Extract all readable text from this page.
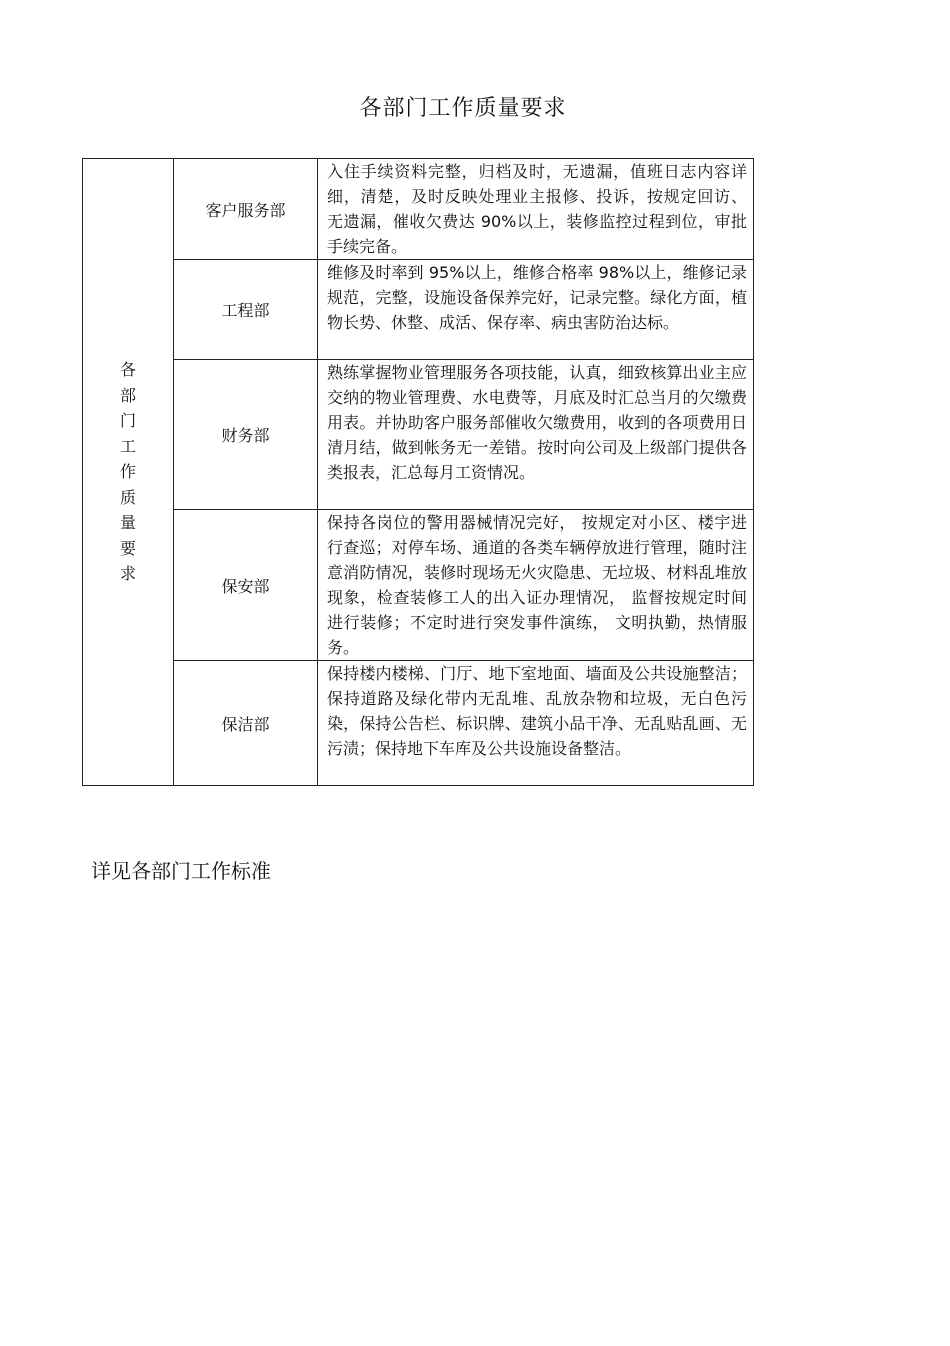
各部门工作质量要求
各部门工作质量要求	客户服务部	入住手续资料完整，归档及时，无遗漏，值班日志内容详细，清楚，及时反映处理业主报修、投诉，按规定回访、 无遗漏，催收欠费达 90%以上，装修监控过程到位，审批手续完备。
	工程部	维修及时率到 95%以上，维修合格率 98%以上，维修记录规范，完整，设施设备保养完好，记录完整。绿化方面，植物长势、休整、成活、保存率、病虫害防治达标。
	财务部	熟练掌握物业管理服务各项技能，认真，细致核算出业主应交纳的物业管理费、水电费等，月底及时汇总当月的欠缴费用表。并协助客户服务部催收欠缴费用，收到的各项费用日清月结，做到帐务无一差错。按时向公司及上级部门提供各类报表，汇总每月工资情况。
	保安部	保持各岗位的警用器械情况完好， 按规定对小区、楼宇进行查巡；对停车场、通道的各类车辆停放进行管理，随时注意消防情况，装修时现场无火灾隐患、无垃圾、材料乱堆放现象，检查装修工人的出入证办理情况， 监督按规定时间进行装修；不定时进行突发事件演练， 文明执勤，热情服务。
	保洁部	保持楼内楼梯、门厅、地下室地面、墙面及公共设施整洁；保持道路及绿化带内无乱堆、乱放杂物和垃圾，无白色污染，保持公告栏、标识牌、建筑小品干净、无乱贴乱画、无污渍；保持地下车库及公共设施设备整洁。
详见各部门工作标准
